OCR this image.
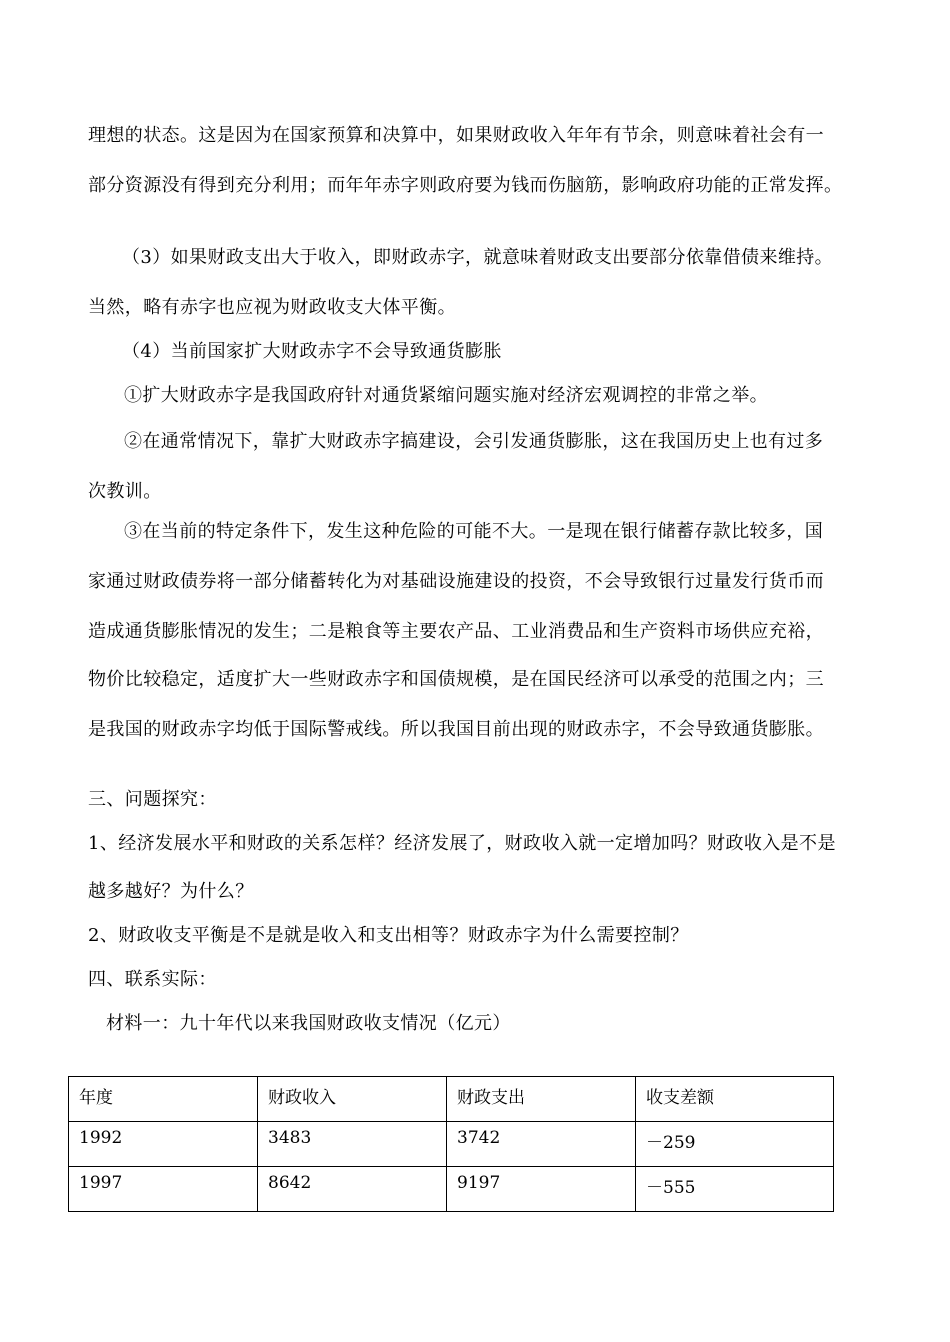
理想的状态。这是因为在国家预算和决算中，如果财政收入年年有节余，则意味着社会有一
部分资源没有得到充分利用；而年年赤字则政府要为钱而伤脑筋，影响政府功能的正常发挥。
（3）如果财政支出大于收入，即财政赤字，就意味着财政支出要部分依靠借债来维持。
当然，略有赤字也应视为财政收支大体平衡。
（4）当前国家扩大财政赤字不会导致通货膨胀
①扩大财政赤字是我国政府针对通货紧缩问题实施对经济宏观调控的非常之举。
②在通常情况下，靠扩大财政赤字搞建设，会引发通货膨胀，这在我国历史上也有过多
次教训。
③在当前的特定条件下，发生这种危险的可能不大。一是现在银行储蓄存款比较多，国
家通过财政债券将一部分储蓄转化为对基础设施建设的投资，不会导致银行过量发行货币而
造成通货膨胀情况的发生；二是粮食等主要农产品、工业消费品和生产资料市场供应充裕，
物价比较稳定，适度扩大一些财政赤字和国债规模，是在国民经济可以承受的范围之内；三
是我国的财政赤字均低于国际警戒线。所以我国目前出现的财政赤字，不会导致通货膨胀。
三、问题探究：
1、经济发展水平和财政的关系怎样？经济发展了，财政收入就一定增加吗？财政收入是不是
越多越好？为什么？
2、财政收支平衡是不是就是收入和支出相等？财政赤字为什么需要控制？
四、联系实际：
材料一：九十年代以来我国财政收支情况（亿元）
年度	财政收入	财政支出	收支差额

1992	3483	3742	－259

1997	8642	9197	－555
